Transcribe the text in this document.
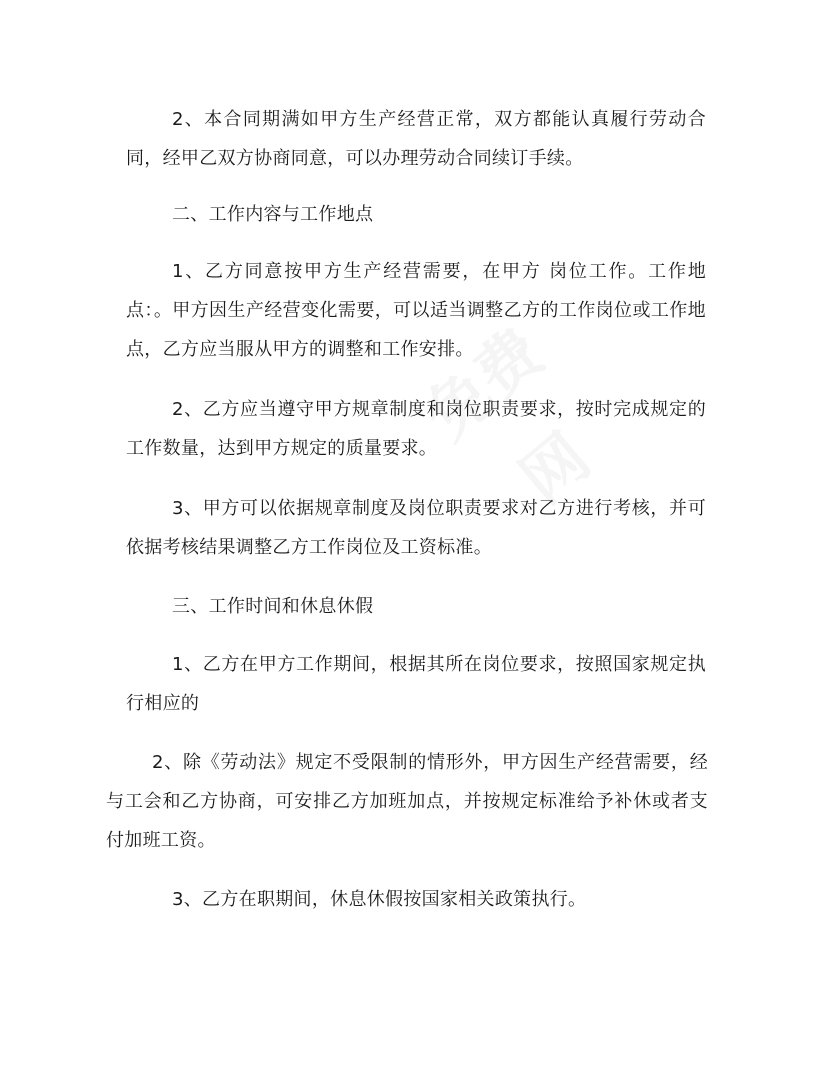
免费网

2、本合同期满如甲方生产经营正常，双方都能认真履行劳动合同，经甲乙双方协商同意，可以办理劳动合同续订手续。

二、工作内容与工作地点

1、乙方同意按甲方生产经营需要，在甲方 岗位工作。工作地点：。甲方因生产经营变化需要，可以适当调整乙方的工作岗位或工作地点，乙方应当服从甲方的调整和工作安排。

2、乙方应当遵守甲方规章制度和岗位职责要求，按时完成规定的工作数量，达到甲方规定的质量要求。

3、甲方可以依据规章制度及岗位职责要求对乙方进行考核，并可依据考核结果调整乙方工作岗位及工资标准。

三、工作时间和休息休假

1、乙方在甲方工作期间，根据其所在岗位要求，按照国家规定执行相应的

2、除《劳动法》规定不受限制的情形外，甲方因生产经营需要，经与工会和乙方协商，可安排乙方加班加点，并按规定标准给予补休或者支付加班工资。

3、乙方在职期间，休息休假按国家相关政策执行。
